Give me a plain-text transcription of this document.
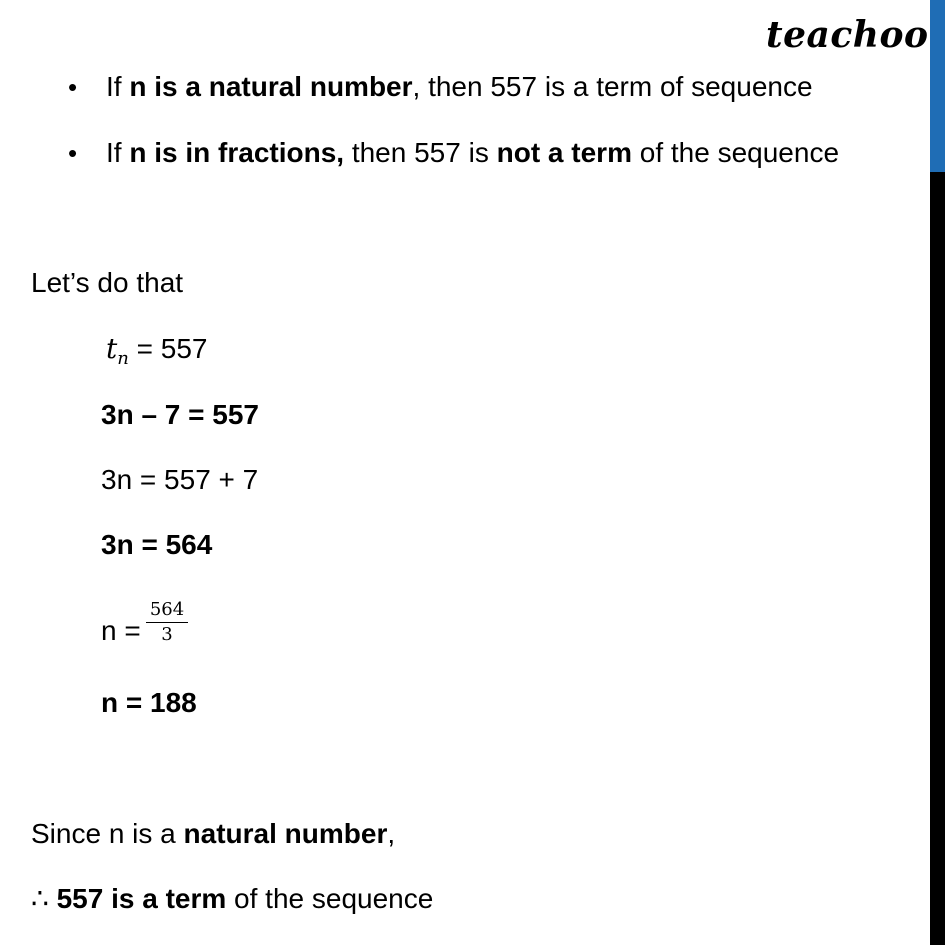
teachoo
• If n is a natural number, then 557 is a term of sequence
• If n is in fractions, then 557 is not a term of the sequence
Let’s do that
$t_n = 557$
3n – 7 = 557
3n = 557 + 7
3n = 564
$n = \frac{564}{3}$
n = 188
Since n is a natural number,
∴ 557 is a term of the sequence
